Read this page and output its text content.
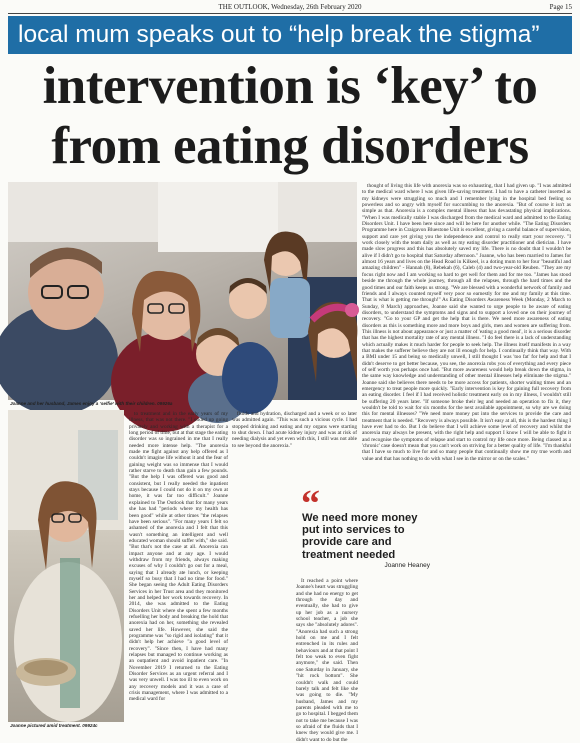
THE OUTLOOK, Wednesday, 26th February 2020	Page 15
local mum speaks out to “help break the stigma”
intervention is ‘key’ to
from eating disorders
Joanne and her husband, James enjoy a ‘selfie’ with their children. 09926a

thought of living this life with anorexia was so exhausting, that I had given up. "I was admitted to the medical ward where I was given life-saving treatment. I had to have a catheter inserted as my kidneys were struggling so much and I remember lying in the hospital bed feeling so powerless and so angry with myself for succumbing to the anorexia. "But of course it isn't as simple as that. Anorexia is a complex mental illness that has devastating physical implications. "When I was medically stable I was discharged from the medical ward and admitted to the Eating Disorders Unit. I have been here since and will be here for another while. "The Eating Disorders Programme here in Craigavon Bluestone Unit is excellent, giving a careful balance of supervision, support and care yet giving you the independence and control to really start your recovery. "I work closely with the team daily as well as my eating disorder practitioner and dietician. I have made slow progress and this has absolutely saved my life. There is no doubt that I wouldn't be alive if I didn't go to hospital that Saturday afternoon." Joanne, who has been married to James for almost 16 years and lives on the Head Road in Kilkeel, is a doting mum to her four "beautiful and amazing children" - Hannah (8), Rebekah (6), Caleb (4) and two-year-old Reuben. "They are my focus right now and I am working so hard to get well for them and for me too. "James has stood beside me through the whole journey, through all the relapses, through the hard times and the good times and our faith keeps us strong. "We are blessed with a wonderful network of family and friends and I always counted myself very poor so earnestly for me and my family at this time. That is what is getting me through!" As Eating Disorders Awareness Week (Monday, 2 March to Sunday, 8 March) approaches, Joanne said she wanted to urge people to be aware of eating disorders, to understand the symptoms and signs and to support a loved one on their journey of recovery. "Go to your GP and get the help that is there. We need more awareness of eating disorders as this is something more and more boys and girls, men and women are suffering from. This illness is not about appearance or just a matter of 'eating a good meal', it is a serious disorder that has the highest mortality rate of any mental illness. "I do feel there is a lack of understanding which actually makes it much harder for people to seek help. The illness itself manifests in a way that makes the sufferer believe they are not ill enough for help. I continually think that way. With a BMI under 15 and being so medically unwell, I still thought I was 'too fat' for help and that I didn't deserve to get better because, you see, the anorexia robs you of everything and every piece of self worth you perhaps once had. "But more awareness would help break down the stigma, in the same way knowledge and understanding of other mental illnesses help eliminate the stigma." Joanne said she believes there needs to be more access for patients, shorter waiting times and an emergency to treat people more quickly. "Early intervention is key for gaining full recovery from an eating disorder. I feel if I had received holistic treatment early on in my illness, I wouldn't still be suffering 20 years later. "If someone broke their leg and needed an operation to fix it, they wouldn't be told to wait for six months for the next available appointment, so why are we doing this for mental illnesses? "We need more money put into the services to provide the care and treatment that is needed. "Recovery is always possible. It isn't easy at all, this is the hardest thing I have ever had to do. But I do believe that I will achieve some level of recovery and whilst the anorexia may always be present, with the right help and support I know I will be able to fight it and recognise the symptoms of relapse and start to control my life once more. Being classed as a 'chronic' case doesn't mean that you can't work on striving for a better quality of life. "I'm thankful that I have so much to live for and so many people that continually show me my true worth and value and that has nothing to do with what I see in the mirror or on the scales."

Joanne pictured amid treatment. 09924c

to treatment and in the early years of my illness, that was not there. "I ended up going privately and working with a therapist for a long period of time, but at that stage the eating disorder was so ingrained in me that I really needed more intense help. "The anorexia made me fight against any help offered as I couldn't imagine life without it and the fear of gaining weight was so immense that I would rather starve to death than gain a few pounds. "But the help I was offered was good and consistent, but I really needed the inpatient stays because I could not do it on my own at home, it was far too difficult." Joanne explained to The Outlook that for many years she has had "periods where my health has been good" while at other times "the relapses have been serious". "For many years I felt so ashamed of the anorexia and I felt that this wasn't something an intelligent and well educated woman should suffer with," she said. "But that's not the case at all. Anorexia can impact anyone and at any age. I would withdraw from my friends, always making excuses of why I couldn't go out for a meal, saying that I already ate lunch, or keeping myself so busy that I had no time for food." She began seeing the Adult Eating Disorders Services in her Trust area and they monitored her and helped her work towards recovery. In 2014, she was admitted to the Eating Disorders Unit where she spent a few months refuelling her body and breaking the hold that anorexia had on her, something she revealed saved her life. However, she said the programme was "so rigid and isolating" that it didn't help her achieve "a good level of recovery". "Since then, I have had many relapses but managed to continue working as an outpatient and avoid inpatient care. "In November 2019 I returned to the Eating Disorder Services as an urgent referral and I was very unwell. I was too ill to even work on any recovery models and it was a case of crisis management, where I was admitted to a medical ward for

fluids and hydration, discharged and a week or so later was admitted again. "This was such a vicious cycle. I had stopped drinking and eating and my organs were starting to shut down. I had acute kidney injury and was at risk of needing dialysis and yet even with this, I still was not able to see beyond the anorexia."

“
We need more money put into services to provide care and treatment needed
Joanne Heaney

It reached a point where Joanne's heart was struggling and she had no energy to get through the day and eventually, she had to give up her job as a nursery school teacher, a job she says she "absolutely adores". "Anorexia had such a strong hold on me and I felt entrenched in its rules and behaviours and at that point I felt too weak to even fight anymore," she said. Then one Saturday in January, she "hit rock bottom". She couldn't walk and could barely talk and felt like she was going to die. "My husband, James and my parents pleaded with me to go to hospital. I begged them not to take me because I was so afraid of the fluids that I knew they would give me. I didn't want to do but the
